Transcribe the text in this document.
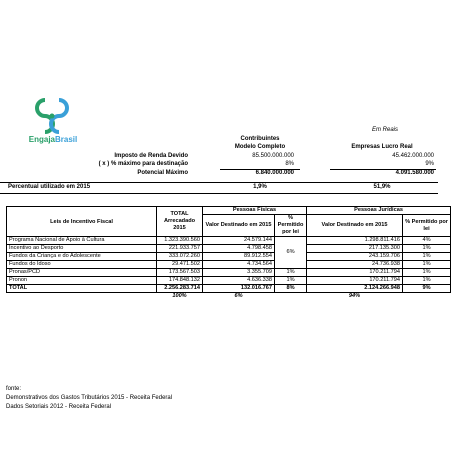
EngajaBrasil
Em Reais
Contribuintes
Modelo Completo	Empresas Lucro Real
Imposto de Renda Devido	85.500.000.000	45.462.000.000
( x ) % máximo para destinação	8%	9%
Potencial Máximo	6.840.000.000	4.091.580.000
Percentual utilizado em 2015	1,9%	51,9%
Leis de Incentivo Fiscal	TOTAL Arrecadado 2015	Pessoas Físicas		Pessoas Jurídicas	
		Valor Destinado em 2015	% Permitido por lei	Valor Destinado em 2015	% Permitido por lei
Programa Nacional de Apoio à Cultura	1.323.390.560	24.579.144	6%	1.298.811.416	4%
Incentivo ao Desporto	221.933.757	4.798.458		217.135.300	1%
Fundos da Criança e do Adolescente	333.072.260	89.912.554		243.159.706	1%
Fundos do Idoso	29.471.502	4.734.564		24.736.938	1%
Pronas/PCD	173.567.503	3.355.709	1%	170.211.794	1%
Pronon	174.848.132	4.636.338	1%	170.211.794	1%
TOTAL	2.256.283.714	132.016.767	8%	2.124.266.948	9%
	100%	6%		94%	
fonte:
Demonstrativos dos Gastos Tributários 2015 - Receita Federal
Dados Setoriais 2012 - Receita Federal
